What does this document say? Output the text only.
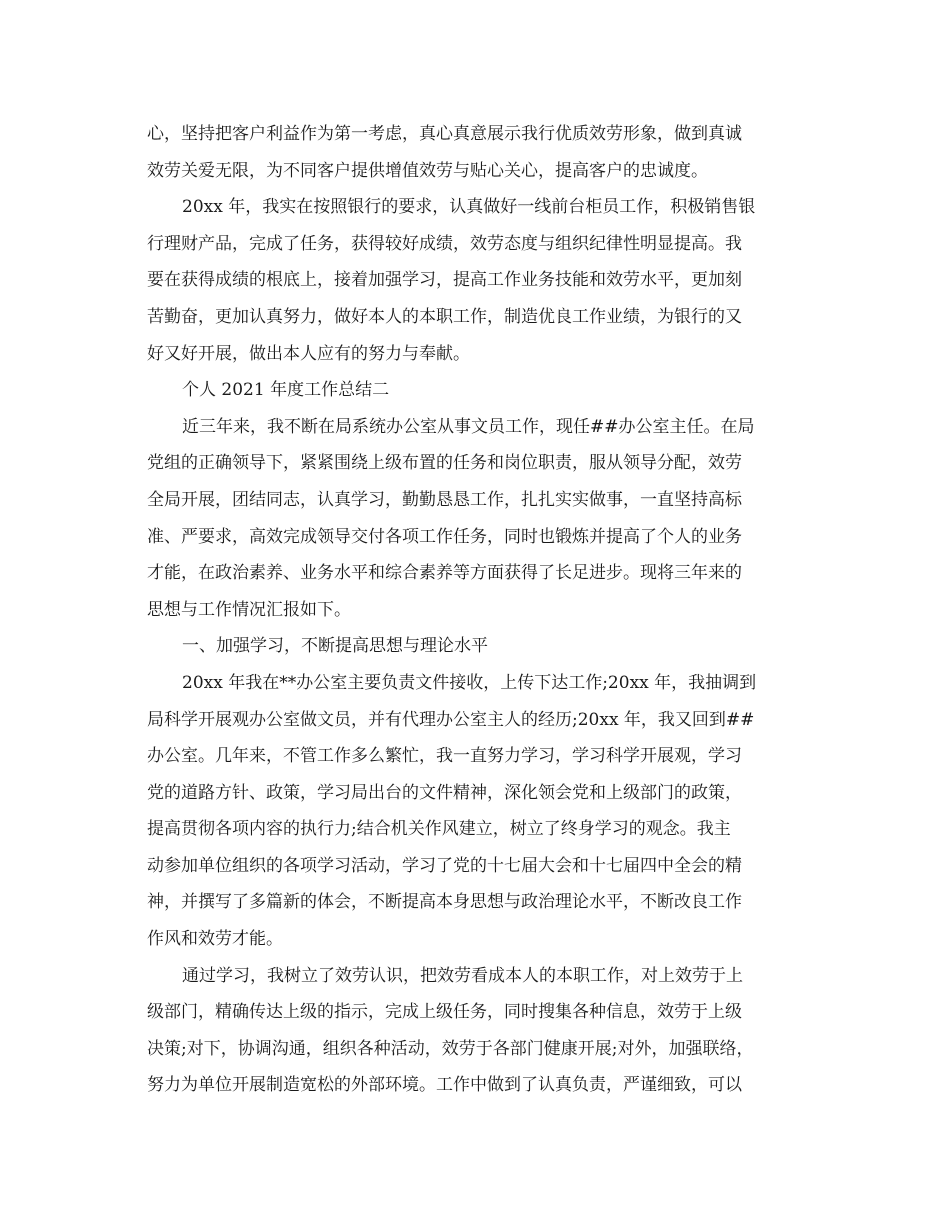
心，坚持把客户利益作为第一考虑，真心真意展示我行优质效劳形象，做到真诚
效劳关爱无限，为不同客户提供增值效劳与贴心关心，提高客户的忠诚度。
20xx 年，我实在按照银行的要求，认真做好一线前台柜员工作，积极销售银
行理财产品，完成了任务，获得较好成绩，效劳态度与组织纪律性明显提高。我
要在获得成绩的根底上，接着加强学习，提高工作业务技能和效劳水平，更加刻
苦勤奋，更加认真努力，做好本人的本职工作，制造优良工作业绩，为银行的又
好又好开展，做出本人应有的努力与奉献。
个人 2021 年度工作总结二
近三年来，我不断在局系统办公室从事文员工作，现任##办公室主任。在局
党组的正确领导下，紧紧围绕上级布置的任务和岗位职责，服从领导分配，效劳
全局开展，团结同志，认真学习，勤勤恳恳工作，扎扎实实做事，一直坚持高标
准、严要求，高效完成领导交付各项工作任务，同时也锻炼并提高了个人的业务
才能，在政治素养、业务水平和综合素养等方面获得了长足进步。现将三年来的
思想与工作情况汇报如下。
一、加强学习，不断提高思想与理论水平
20xx 年我在**办公室主要负责文件接收，上传下达工作;20xx 年，我抽调到
局科学开展观办公室做文员，并有代理办公室主人的经历;20xx 年，我又回到##
办公室。几年来，不管工作多么繁忙，我一直努力学习，学习科学开展观，学习
党的道路方针、政策，学习局出台的文件精神，深化领会党和上级部门的政策，
提高贯彻各项内容的执行力;结合机关作风建立，树立了终身学习的观念。我主
动参加单位组织的各项学习活动，学习了党的十七届大会和十七届四中全会的精
神，并撰写了多篇新的体会，不断提高本身思想与政治理论水平，不断改良工作
作风和效劳才能。
通过学习，我树立了效劳认识，把效劳看成本人的本职工作，对上效劳于上
级部门，精确传达上级的指示，完成上级任务，同时搜集各种信息，效劳于上级
决策;对下，协调沟通，组织各种活动，效劳于各部门健康开展;对外，加强联络，
努力为单位开展制造宽松的外部环境。工作中做到了认真负责，严谨细致，可以
